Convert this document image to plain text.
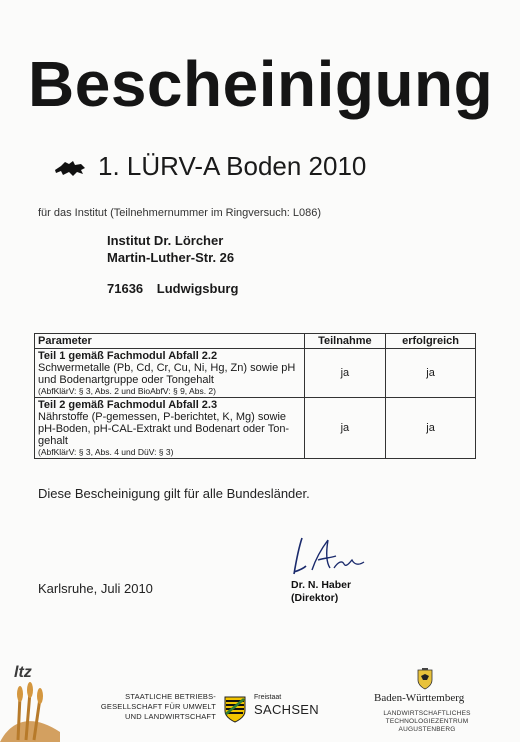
Bescheinigung
1. LÜRV-A Boden 2010
für das Institut (Teilnehmernummer im Ringversuch: L086)
Institut Dr. Lörcher
Martin-Luther-Str. 26
71636 Ludwigsburg
Parameter	Teilnahme	erfolgreich

Teil 1 gemäß Fachmodul Abfall 2.2
Schwermetalle (Pb, Cd, Cr, Cu, Ni, Hg, Zn) sowie pH und Bodenartgruppe oder Tongehalt
(AbfKlärV: § 3, Abs. 2 und BioAbfV: § 9, Abs. 2)	ja	ja

Teil 2 gemäß Fachmodul Abfall 2.3
Nährstoffe (P-gemessen, P-berichtet, K, Mg) sowie pH-Boden, pH-CAL-Extrakt und Bodenart oder Ton-gehalt
(AbfKlärV: § 3, Abs. 4 und DüV: § 3)	ja	ja
Diese Bescheinigung gilt für alle Bundesländer.
Karlsruhe, Juli 2010	Dr. N. Haber
(Direktor)
ltz
STAATLICHE BETRIEBS-
GESELLSCHAFT FÜR UMWELT
UND LANDWIRTSCHAFT
Freistaat
SACHSEN
Baden-Württemberg
LANDWIRTSCHAFTLICHES TECHNOLOGIEZENTRUM
AUGUSTENBERG
